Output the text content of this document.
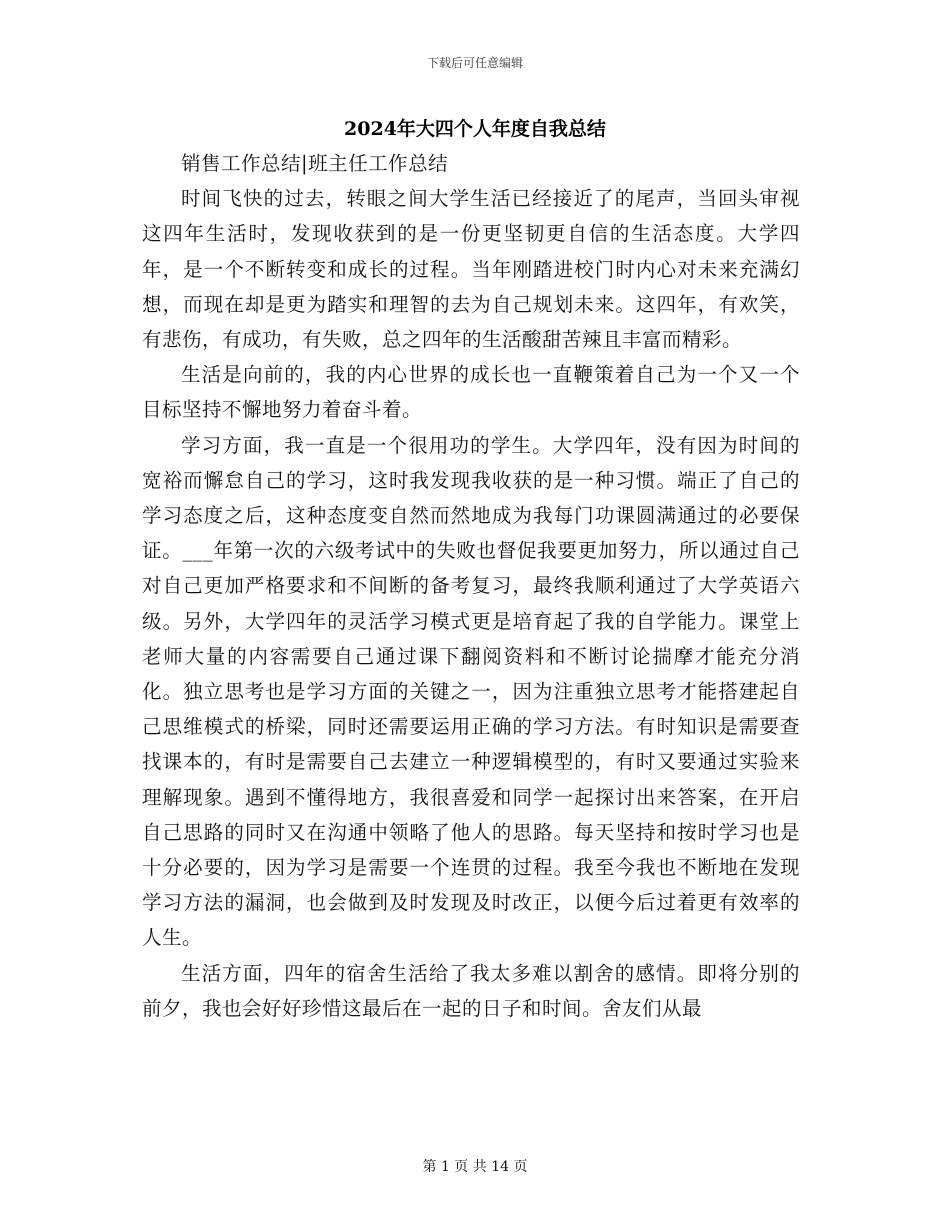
下载后可任意编辑
2024年大四个人年度自我总结

销售工作总结|班主任工作总结

时间飞快的过去，转眼之间大学生活已经接近了的尾声，当回头审视这四年生活时，发现收获到的是一份更坚韧更自信的生活态度。大学四年，是一个不断转变和成长的过程。当年刚踏进校门时内心对未来充满幻想，而现在却是更为踏实和理智的去为自己规划未来。这四年，有欢笑，有悲伤，有成功，有失败，总之四年的生活酸甜苦辣且丰富而精彩。

生活是向前的，我的内心世界的成长也一直鞭策着自己为一个又一个目标坚持不懈地努力着奋斗着。

学习方面，我一直是一个很用功的学生。大学四年，没有因为时间的宽裕而懈怠自己的学习，这时我发现我收获的是一种习惯。端正了自己的学习态度之后，这种态度变自然而然地成为我每门功课圆满通过的必要保证。___年第一次的六级考试中的失败也督促我要更加努力，所以通过自己对自己更加严格要求和不间断的备考复习，最终我顺利通过了大学英语六级。另外，大学四年的灵活学习模式更是培育起了我的自学能力。课堂上老师大量的内容需要自己通过课下翻阅资料和不断讨论揣摩才能充分消化。独立思考也是学习方面的关键之一，因为注重独立思考才能搭建起自己思维模式的桥梁，同时还需要运用正确的学习方法。有时知识是需要查找课本的，有时是需要自己去建立一种逻辑模型的，有时又要通过实验来理解现象。遇到不懂得地方，我很喜爱和同学一起探讨出来答案，在开启自己思路的同时又在沟通中领略了他人的思路。每天坚持和按时学习也是十分必要的，因为学习是需要一个连贯的过程。我至今我也不断地在发现学习方法的漏洞，也会做到及时发现及时改正，以便今后过着更有效率的人生。

生活方面，四年的宿舍生活给了我太多难以割舍的感情。即将分别的前夕，我也会好好珍惜这最后在一起的日子和时间。舍友们从最

第 1 页 共 14 页
